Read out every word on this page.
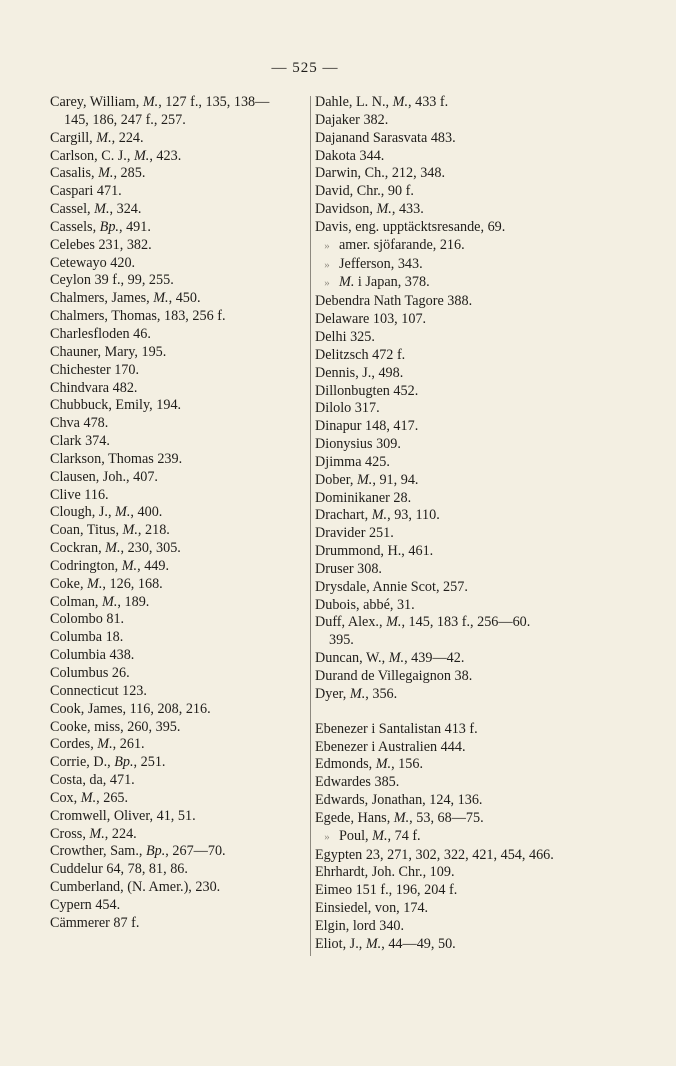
— 525 —
Carey, William, M., 127 f., 135, 138—
145, 186, 247 f., 257.
Cargill, M., 224.
Carlson, C. J., M., 423.
Casalis, M., 285.
Caspari 471.
Cassel, M., 324.
Cassels, Bp., 491.
Celebes 231, 382.
Cetewayo 420.
Ceylon 39 f., 99, 255.
Chalmers, James, M., 450.
Chalmers, Thomas, 183, 256 f.
Charlesfloden 46.
Chauner, Mary, 195.
Chichester 170.
Chindvara 482.
Chubbuck, Emily, 194.
Chva 478.
Clark 374.
Clarkson, Thomas 239.
Clausen, Joh., 407.
Clive 116.
Clough, J., M., 400.
Coan, Titus, M., 218.
Cockran, M., 230, 305.
Codrington, M., 449.
Coke, M., 126, 168.
Colman, M., 189.
Colombo 81.
Columba 18.
Columbia 438.
Columbus 26.
Connecticut 123.
Cook, James, 116, 208, 216.
Cooke, miss, 260, 395.
Cordes, M., 261.
Corrie, D., Bp., 251.
Costa, da, 471.
Cox, M., 265.
Cromwell, Oliver, 41, 51.
Cross, M., 224.
Crowther, Sam., Bp., 267—70.
Cuddelur 64, 78, 81, 86.
Cumberland, (N. Amer.), 230.
Cypern 454.
Cämmerer 87 f.
Dahle, L. N., M., 433 f.
Dajaker 382.
Dajanand Sarasvata 483.
Dakota 344.
Darwin, Ch., 212, 348.
David, Chr., 90 f.
Davidson, M., 433.
Davis, eng. upptäcktsresande, 69.
» amer. sjöfarande, 216.
» Jefferson, 343.
» M. i Japan, 378.
Debendra Nath Tagore 388.
Delaware 103, 107.
Delhi 325.
Delitzsch 472 f.
Dennis, J., 498.
Dillonbugten 452.
Dilolo 317.
Dinapur 148, 417.
Dionysius 309.
Djimma 425.
Dober, M., 91, 94.
Dominikaner 28.
Drachart, M., 93, 110.
Dravider 251.
Drummond, H., 461.
Druser 308.
Drysdale, Annie Scot, 257.
Dubois, abbé, 31.
Duff, Alex., M., 145, 183 f., 256—60.
395.
Duncan, W., M., 439—42.
Durand de Villegaignon 38.
Dyer, M., 356.
Ebenezer i Santalistan 413 f.
Ebenezer i Australien 444.
Edmonds, M., 156.
Edwardes 385.
Edwards, Jonathan, 124, 136.
Egede, Hans, M., 53, 68—75.
» Poul, M., 74 f.
Egypten 23, 271, 302, 322, 421, 454, 466.
Ehrhardt, Joh. Chr., 109.
Eimeo 151 f., 196, 204 f.
Einsiedel, von, 174.
Elgin, lord 340.
Eliot, J., M., 44—49, 50.
